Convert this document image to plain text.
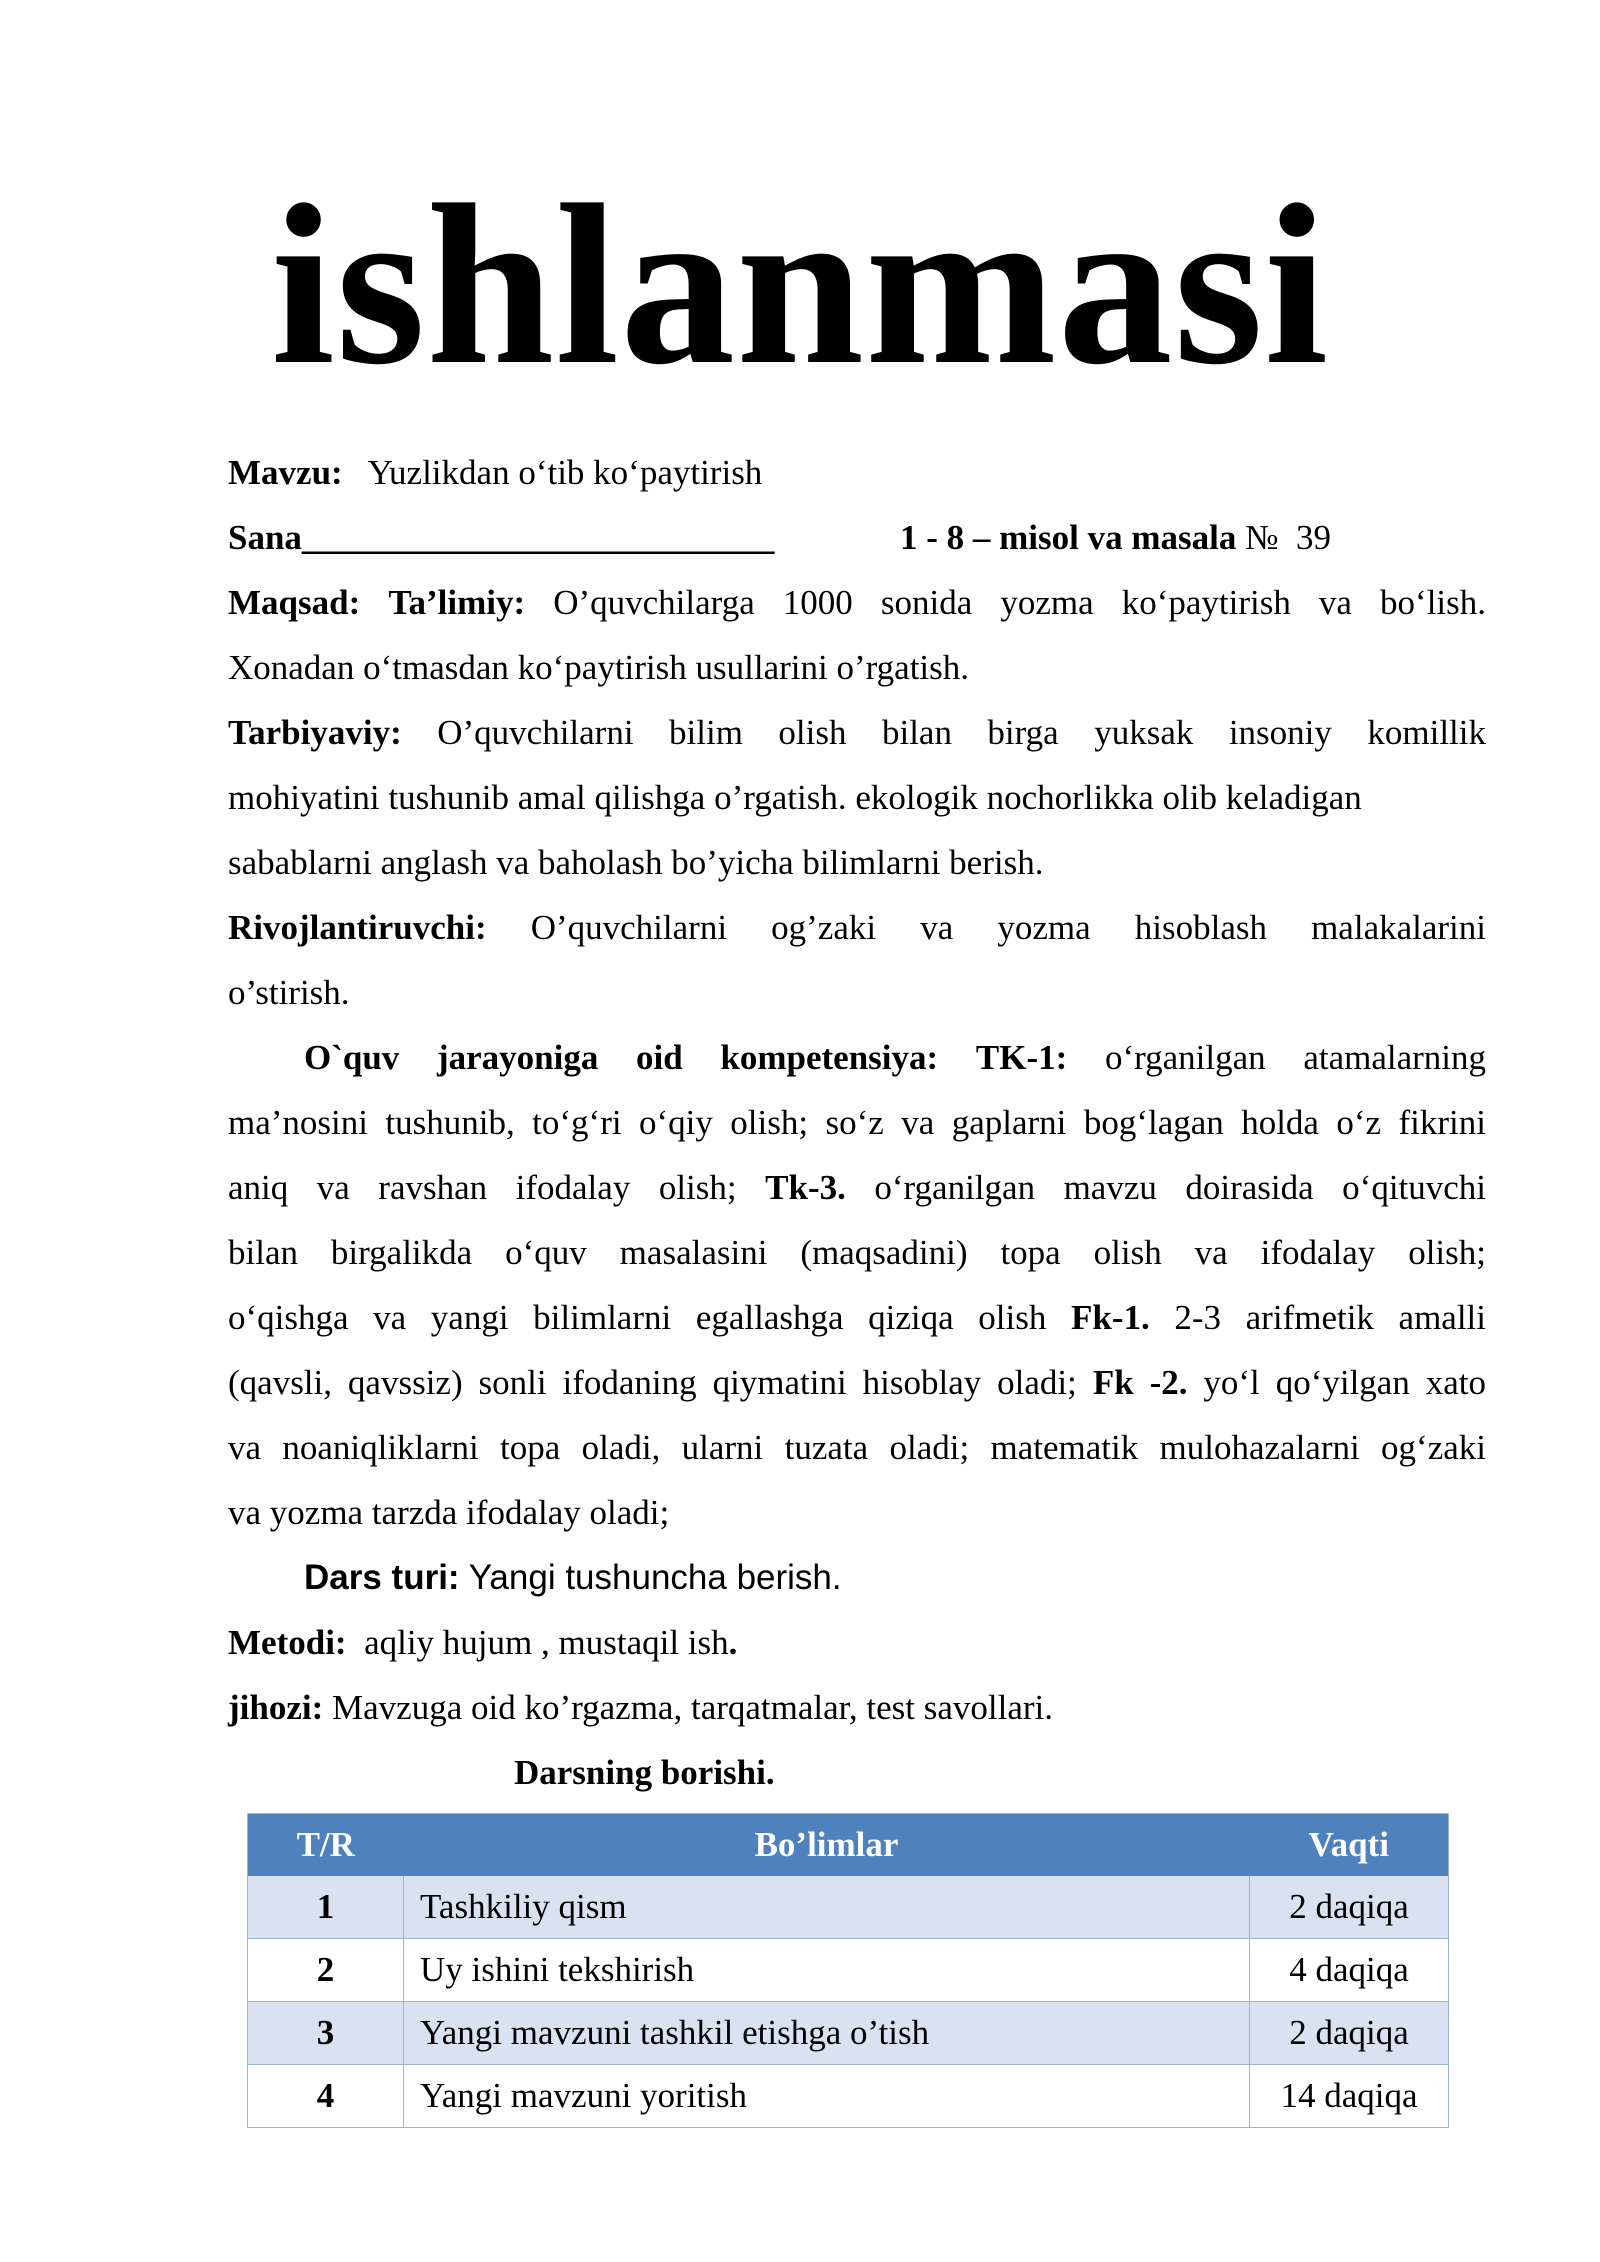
ishlanmasi
Mavzu: Yuzlikdan o‘tib ko‘paytirish
Sana___________________________	1 - 8 – misol va masala № 39
Maqsad: Ta’limiy: O’quvchilarga 1000 sonida yozma ko‘paytirish va bo‘lish.
Xonadan o‘tmasdan ko‘paytirish usullarini o’rgatish.
Tarbiyaviy: O’quvchilarni bilim olish bilan birga yuksak insoniy komillik
mohiyatini tushunib amal qilishga o’rgatish. ekologik nochorlikka olib keladigan
sabablarni anglash va baholash bo’yicha bilimlarni berish.
Rivojlantiruvchi: O’quvchilarni og’zaki va yozma hisoblash malakalarini
o’stirish.
O`quv jarayoniga oid kompetensiya: TK-1: o‘rganilgan atamalarning
ma’nosini tushunib, to‘g‘ri o‘qiy olish; so‘z va gaplarni bog‘lagan holda o‘z fikrini
aniq va ravshan ifodalay olish; Tk-3. o‘rganilgan mavzu doirasida o‘qituvchi
bilan birgalikda o‘quv masalasini (maqsadini) topa olish va ifodalay olish;
o‘qishga va yangi bilimlarni egallashga qiziqa olish Fk-1. 2-3 arifmetik amalli
(qavsli, qavssiz) sonli ifodaning qiymatini hisoblay oladi; Fk -2. yo‘l qo‘yilgan xato
va noaniqliklarni topa oladi, ularni tuzata oladi; matematik mulohazalarni og‘zaki
va yozma tarzda ifodalay oladi;
Dars turi: Yangi tushuncha berish.
Metodi: aqliy hujum , mustaqil ish.
jihozi: Mavzuga oid ko’rgazma, tarqatmalar, test savollari.
Darsning borishi.
T/R	Bo’limlar	Vaqti
1	Tashkiliy qism	2 daqiqa
2	Uy ishini tekshirish	4 daqiqa
3	Yangi mavzuni tashkil etishga o’tish	2 daqiqa
4	Yangi mavzuni yoritish	14 daqiqa
